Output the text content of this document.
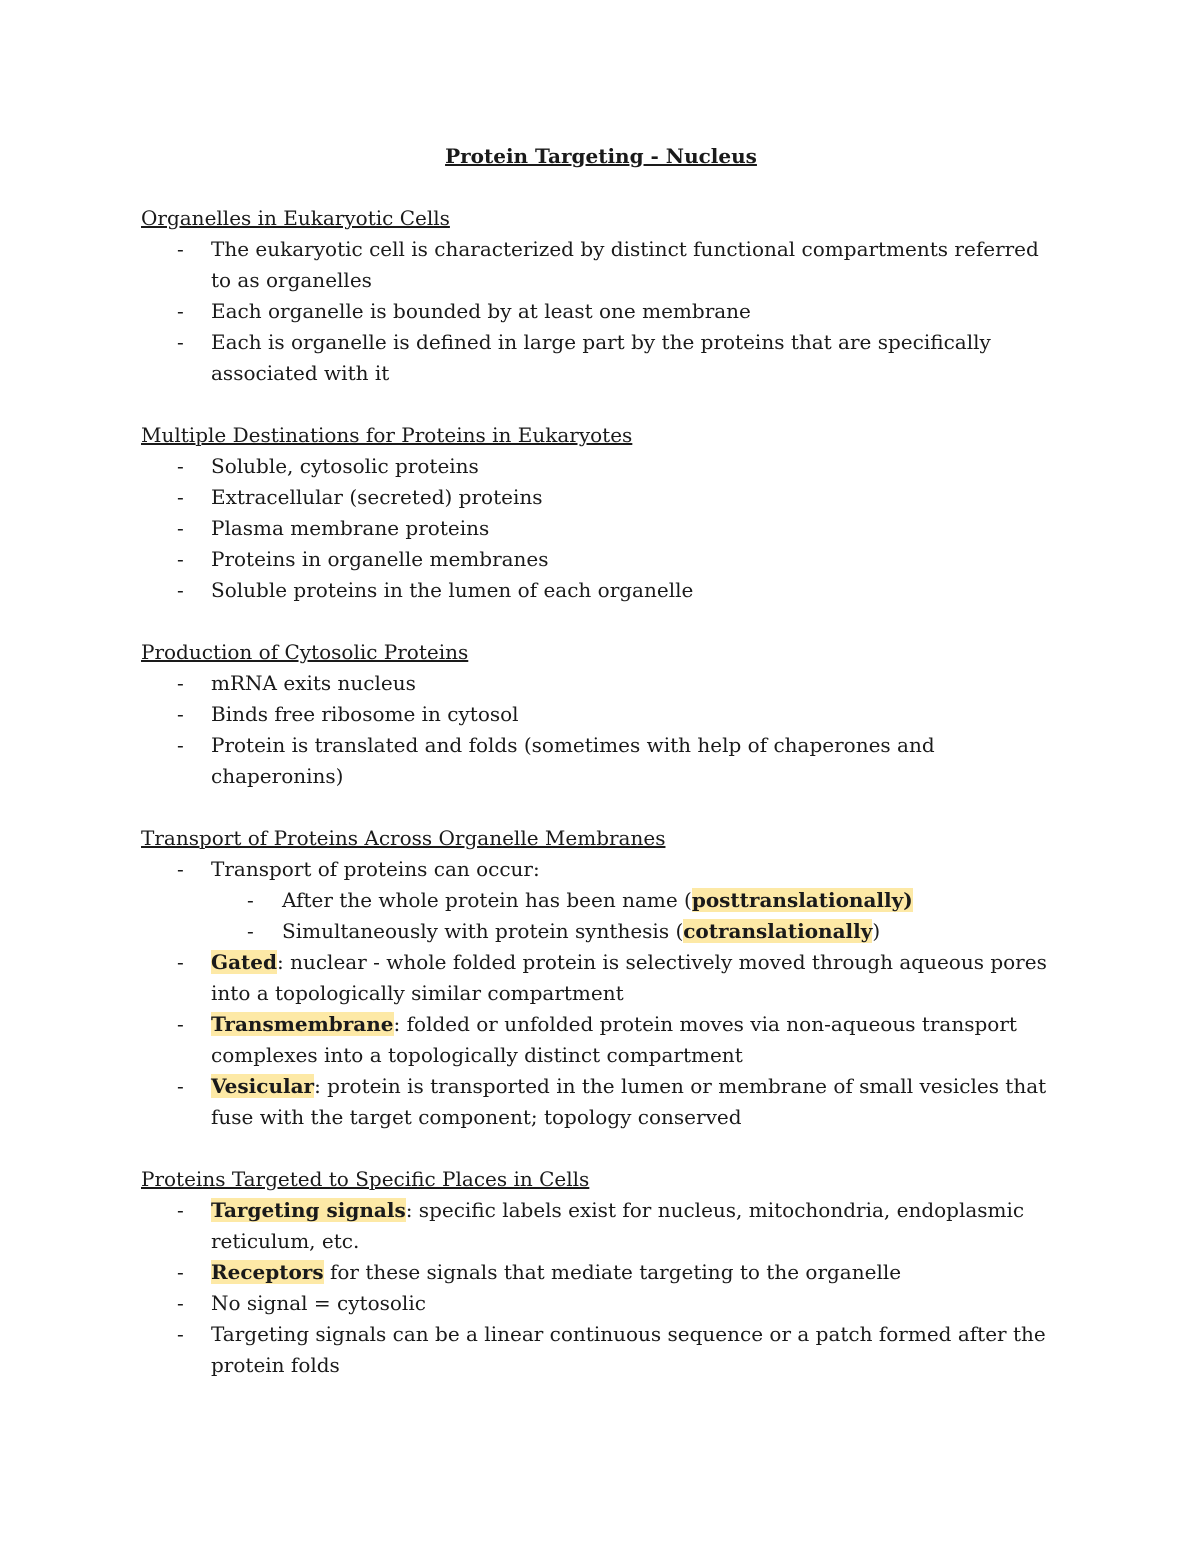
Protein Targeting - Nucleus
Organelles in Eukaryotic Cells
- The eukaryotic cell is characterized by distinct functional compartments referred to as organelles
- Each organelle is bounded by at least one membrane
- Each is organelle is defined in large part by the proteins that are specifically associated with it
Multiple Destinations for Proteins in Eukaryotes
- Soluble, cytosolic proteins
- Extracellular (secreted) proteins
- Plasma membrane proteins
- Proteins in organelle membranes
- Soluble proteins in the lumen of each organelle
Production of Cytosolic Proteins
- mRNA exits nucleus
- Binds free ribosome in cytosol
- Protein is translated and folds (sometimes with help of chaperones and chaperonins)
Transport of Proteins Across Organelle Membranes
- Transport of proteins can occur:
- After the whole protein has been name (posttranslationally)
- Simultaneously with protein synthesis (cotranslationally)
- Gated: nuclear - whole folded protein is selectively moved through aqueous pores into a topologically similar compartment
- Transmembrane: folded or unfolded protein moves via non-aqueous transport complexes into a topologically distinct compartment
- Vesicular: protein is transported in the lumen or membrane of small vesicles that fuse with the target component; topology conserved
Proteins Targeted to Specific Places in Cells
- Targeting signals: specific labels exist for nucleus, mitochondria, endoplasmic reticulum, etc.
- Receptors for these signals that mediate targeting to the organelle
- No signal = cytosolic
- Targeting signals can be a linear continuous sequence or a patch formed after the protein folds
